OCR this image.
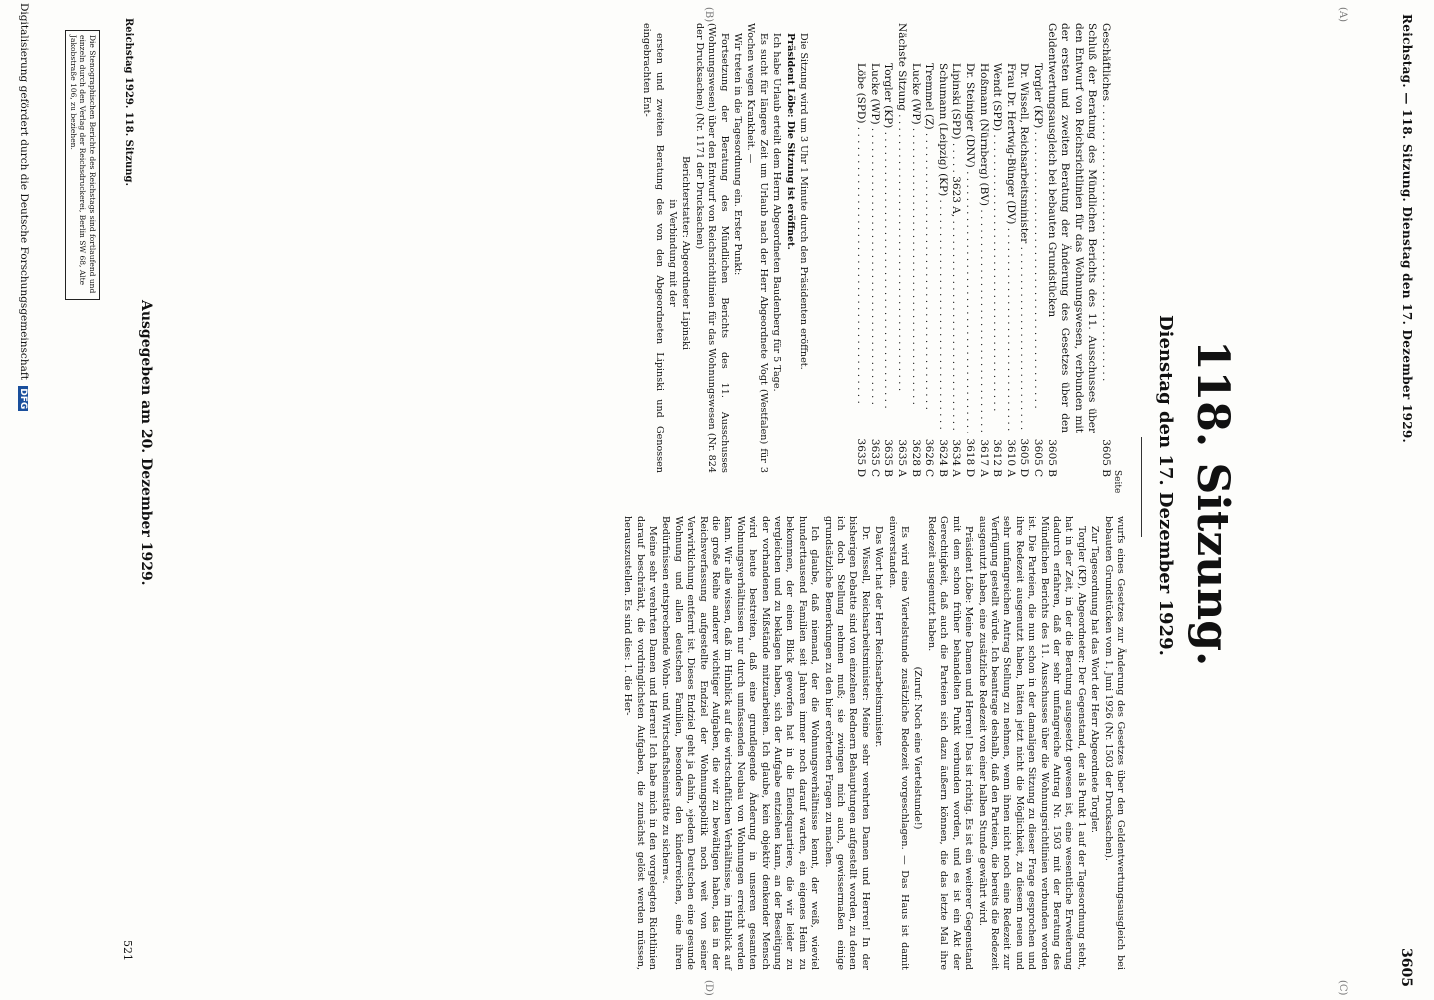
Reichstag. — 118. Sitzung. Dienstag den 17. Dezember 1929.
3605
(A)
(B)
(C)
(D)
118. Sitzung.
Dienstag den 17. Dezember 1929.
Seite
Geschäftliches . . .
3605 B
Schluß der Beratung des Mündlichen Berichts des 11. Ausschusses über den Entwurf von Reichsrichtlinien für das Wohnungswesen, verbunden mit der ersten und zweiten Beratung der Änderung des Gesetzes über den Geldentwertungsausgleich bei bebauten Grundstücken
3605 B
Torgler (KP) . . .
3605 C
Dr. Wissell, Reichsarbeitsminister . . .
3605 D
Frau Dr. Hertwig-Bünger (DV) . . .
3610 A
Wendt (SPD) . . .
3612 B
Hoßmann (Nürnberg) (BV) . . .
3617 A
Dr. Steiniger (DNV) . . .
3618 D
Lipinski (SPD) . . . . . 3623 A, . . .
3634 A
Schumann (Leipzig) (KP) . . .
3624 B
Tremmel (Z) . . .
3626 C
Lucke (WP) . . .
3628 B
Nächste Sitzung . . .
3635 A
Torgler (KP) . . .
3635 B
Lucke (WP) . . .
3635 C
Löbe (SPD) . . .
3635 D

Die Sitzung wird um 3 Uhr 1 Minute durch den Präsidenten eröffnet.

Präsident Löbe: Die Sitzung ist eröffnet.

Ich habe Urlaub erteilt dem Herrn Abgeordneten Baudenberg für 5 Tage.

Es sucht für längere Zeit um Urlaub nach der Herr Abgeordnete Vogt (Westfalen) für 3 Wochen wegen Krankheit. —

Wir treten in die Tagesordnung ein. Erster Punkt:

Fortsetzung der Beratung des Mündlichen Berichts des 11. Ausschusses (Wohnungswesen) über den Entwurf von Reichsrichtlinien für das Wohnungswesen (Nr. 824 der Drucksachen) (Nr. 1171 der Drucksachen)

Berichterstatter: Abgeordneter Lipinski

in Verbindung mit der

ersten und zweiten Beratung des von den Abgeordneten Lipinski und Genossen eingebrachten Ent-

wurfs eines Gesetzes zur Änderung des Gesetzes über den Geldentwertungsausgleich bei bebauten Grundstücken vom 1. Juni 1926 (Nr. 1503 der Drucksachen).

Zur Tagesordnung hat das Wort der Herr Abgeordnete Torgler.

Torgler (KP), Abgeordneter: Der Gegenstand, der als Punkt 1 auf der Tagesordnung steht, hat in der Zeit, in der die Beratung ausgesetzt gewesen ist, eine wesentliche Erweiterung dadurch erfahren, daß der sehr umfangreiche Antrag Nr. 1503 mit der Beratung des Mündlichen Berichts des 11. Ausschusses über die Wohnungsrichtlinien verbunden worden ist. Die Parteien, die nun schon in der damaligen Sitzung zu dieser Frage gesprochen und ihre Redezeit ausgenutzt haben, hätten jetzt nicht die Möglichkeit, zu diesem neuen und sehr umfangreichen Antrag Stellung zu nehmen, wenn ihnen nicht noch eine Redezeit zur Verfügung gestellt würde. Ich beantrage deshalb, daß den Parteien, die bereits die Redezeit ausgenutzt haben, eine zusätzliche Redezeit von einer halben Stunde gewährt wird.

Präsident Löbe: Meine Damen und Herren! Das ist richtig. Es ist ein weiterer Gegenstand mit dem schon früher behandelten Punkt verbunden worden, und es ist ein Akt der Gerechtigkeit, daß auch die Parteien sich dazu äußern können, die das letzte Mal ihre Redezeit ausgenutzt haben.

(Zuruf: Noch eine Viertelstunde!)

Es wird eine Viertelstunde zusätzliche Redezeit vorgeschlagen. — Das Haus ist damit einverstanden.

Das Wort hat der Herr Reichsarbeitsminister.

Dr. Wissell, Reichsarbeitsminister: Meine sehr verehrten Damen und Herren! In der bisherigen Debatte sind von einzelnen Rednern Behauptungen aufgestellt worden, zu denen ich doch Stellung nehmen muß; sie zwingen mich auch, gewissermaßen einige grundsätzliche Bemerkungen zu den hier erörterten Fragen zu machen.

Ich glaube, daß niemand, der die Wohnungsverhältnisse kennt, der weiß, wieviel hunderttausend Familien seit Jahren immer noch darauf warten, ein eigenes Heim zu bekommen, der einen Blick geworfen hat in die Elendsquartiere, die wir leider zu vergleichen und zu beklagen haben, sich der Aufgabe entziehen kann, an der Beseitigung der vorhandenen Mißstände mitzuarbeiten. Ich glaube, kein objektiv denkender Mensch wird heute bestreiten, daß eine grundlegende Änderung in unseren gesamten Wohnungsverhältnissen nur durch umfassenden Neubau von Wohnungen erreicht werden kann. Wir alle wissen, daß im Hinblick auf die wirtschaftlichen Verhältnisse, im Hinblick auf die große Reihe anderer wichtiger Aufgaben, die wir zu bewältigen haben, das in der Reichsverfassung aufgestellte Endziel der Wohnungspolitik noch weit von seiner Verwirklichung entfernt ist. Dieses Endziel geht ja dahin, »jedem Deutschen eine gesunde Wohnung und allen deutschen Familien, besonders den kinderreichen, eine ihren Bedürfnissen entsprechende Wohn- und Wirtschaftsheimstätte zu sichern«.

Meine sehr verehrten Damen und Herren! Ich habe mich in den vorgelegten Richtlinien darauf beschränkt, die vordringlichsten Aufgaben, die zunächst gelöst werden müssen, herauszustellen. Es sind dies: 1. die Her-

Ausgegeben am 20. Dezember 1929.
Reichstag 1929. 118. Sitzung.
521
Die Stenographischen Berichte des Reichstags sind fortlaufend und einzeln durch den Verlag der Reichsdruckerei, Berlin SW 68, Alte Jakobstraße 106, zu beziehen.
Digitalisierung gefördert durch die Deutsche Forschungsgemeinschaft DFG
